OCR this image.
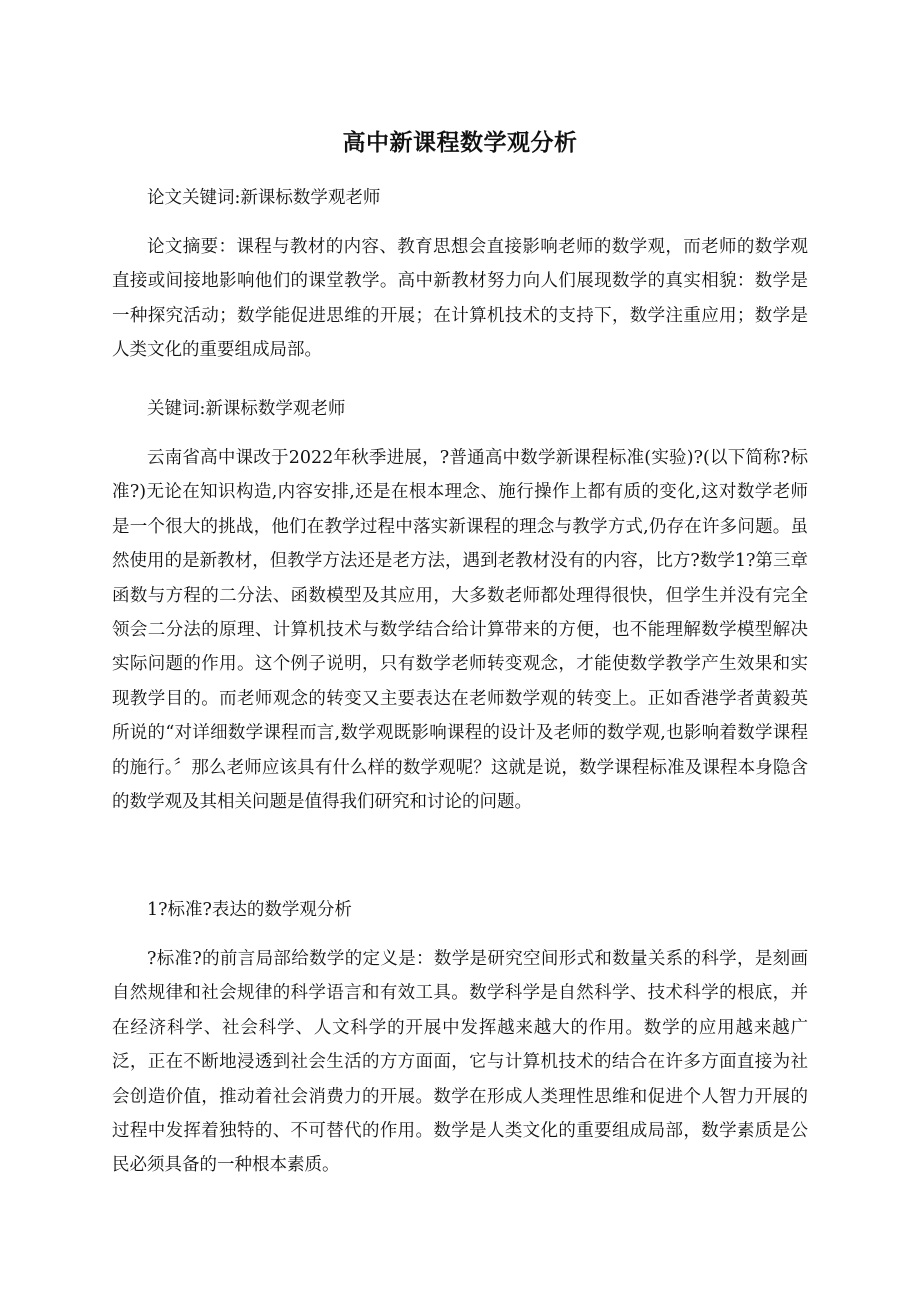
高中新课程数学观分析

论文关键词:新课标数学观老师

论文摘要：课程与教材的内容、教育思想会直接影响老师的数学观，而老师的数学观直接或间接地影响他们的课堂教学。高中新教材努力向人们展现数学的真实相貌：数学是一种探究活动；数学能促进思维的开展；在计算机技术的支持下，数学注重应用；数学是人类文化的重要组成局部。

关键词:新课标数学观老师

云南省高中课改于2022年秋季进展，?普通高中数学新课程标准(实验)?(以下简称?标准?)无论在知识构造,内容安排,还是在根本理念、施行操作上都有质的变化,这对数学老师是一个很大的挑战，他们在教学过程中落实新课程的理念与教学方式,仍存在许多问题。虽然使用的是新教材，但教学方法还是老方法，遇到老教材没有的内容，比方?数学1?第三章函数与方程的二分法、函数模型及其应用，大多数老师都处理得很快，但学生并没有完全领会二分法的原理、计算机技术与数学结合给计算带来的方便，也不能理解数学模型解决实际问题的作用。这个例子说明，只有数学老师转变观念，才能使数学教学产生效果和实现教学目的。而老师观念的转变又主要表达在老师数学观的转变上。正如香港学者黄毅英所说的“对详细数学课程而言,数学观既影响课程的设计及老师的数学观,也影响着数学课程的施行。〞那么老师应该具有什么样的数学观呢？这就是说，数学课程标准及课程本身隐含的数学观及其相关问题是值得我们研究和讨论的问题。

1?标准?表达的数学观分析

?标准?的前言局部给数学的定义是：数学是研究空间形式和数量关系的科学，是刻画自然规律和社会规律的科学语言和有效工具。数学科学是自然科学、技术科学的根底，并在经济科学、社会科学、人文科学的开展中发挥越来越大的作用。数学的应用越来越广泛，正在不断地浸透到社会生活的方方面面，它与计算机技术的结合在许多方面直接为社会创造价值，推动着社会消费力的开展。数学在形成人类理性思维和促进个人智力开展的过程中发挥着独特的、不可替代的作用。数学是人类文化的重要组成局部，数学素质是公民必须具备的一种根本素质。
